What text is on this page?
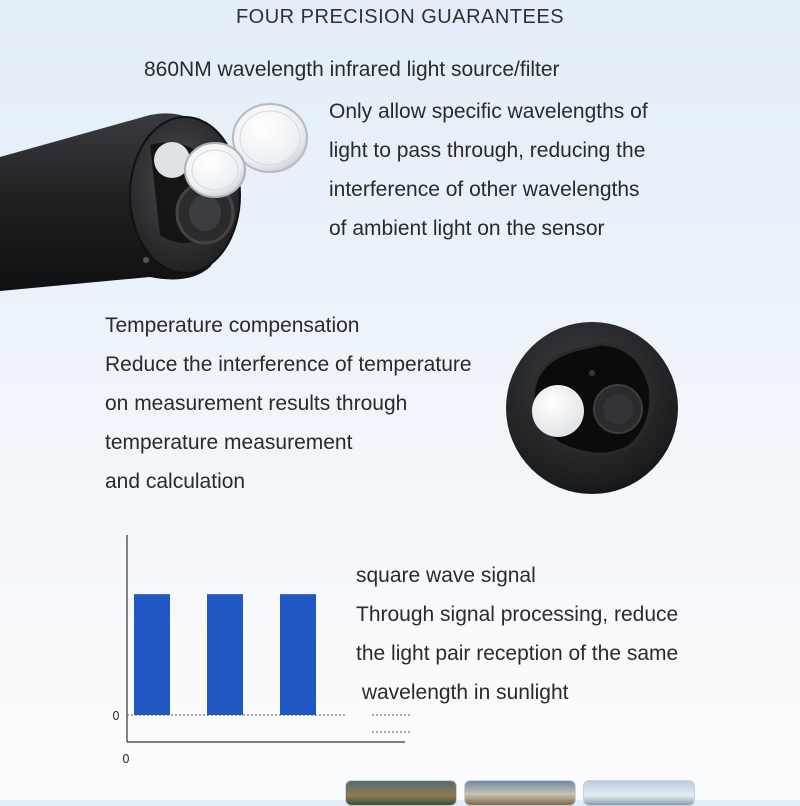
FOUR PRECISION GUARANTEES
860NM wavelength infrared light source/filter
Only allow specific wavelengths of
light to pass through, reducing the
interference of other wavelengths
of ambient light on the sensor
Temperature compensation
Reduce the interference of temperature
on measurement results through
temperature measurement
and calculation
0
0
square wave signal
Through signal processing, reduce
the light pair reception of the same
wavelength in sunlight
